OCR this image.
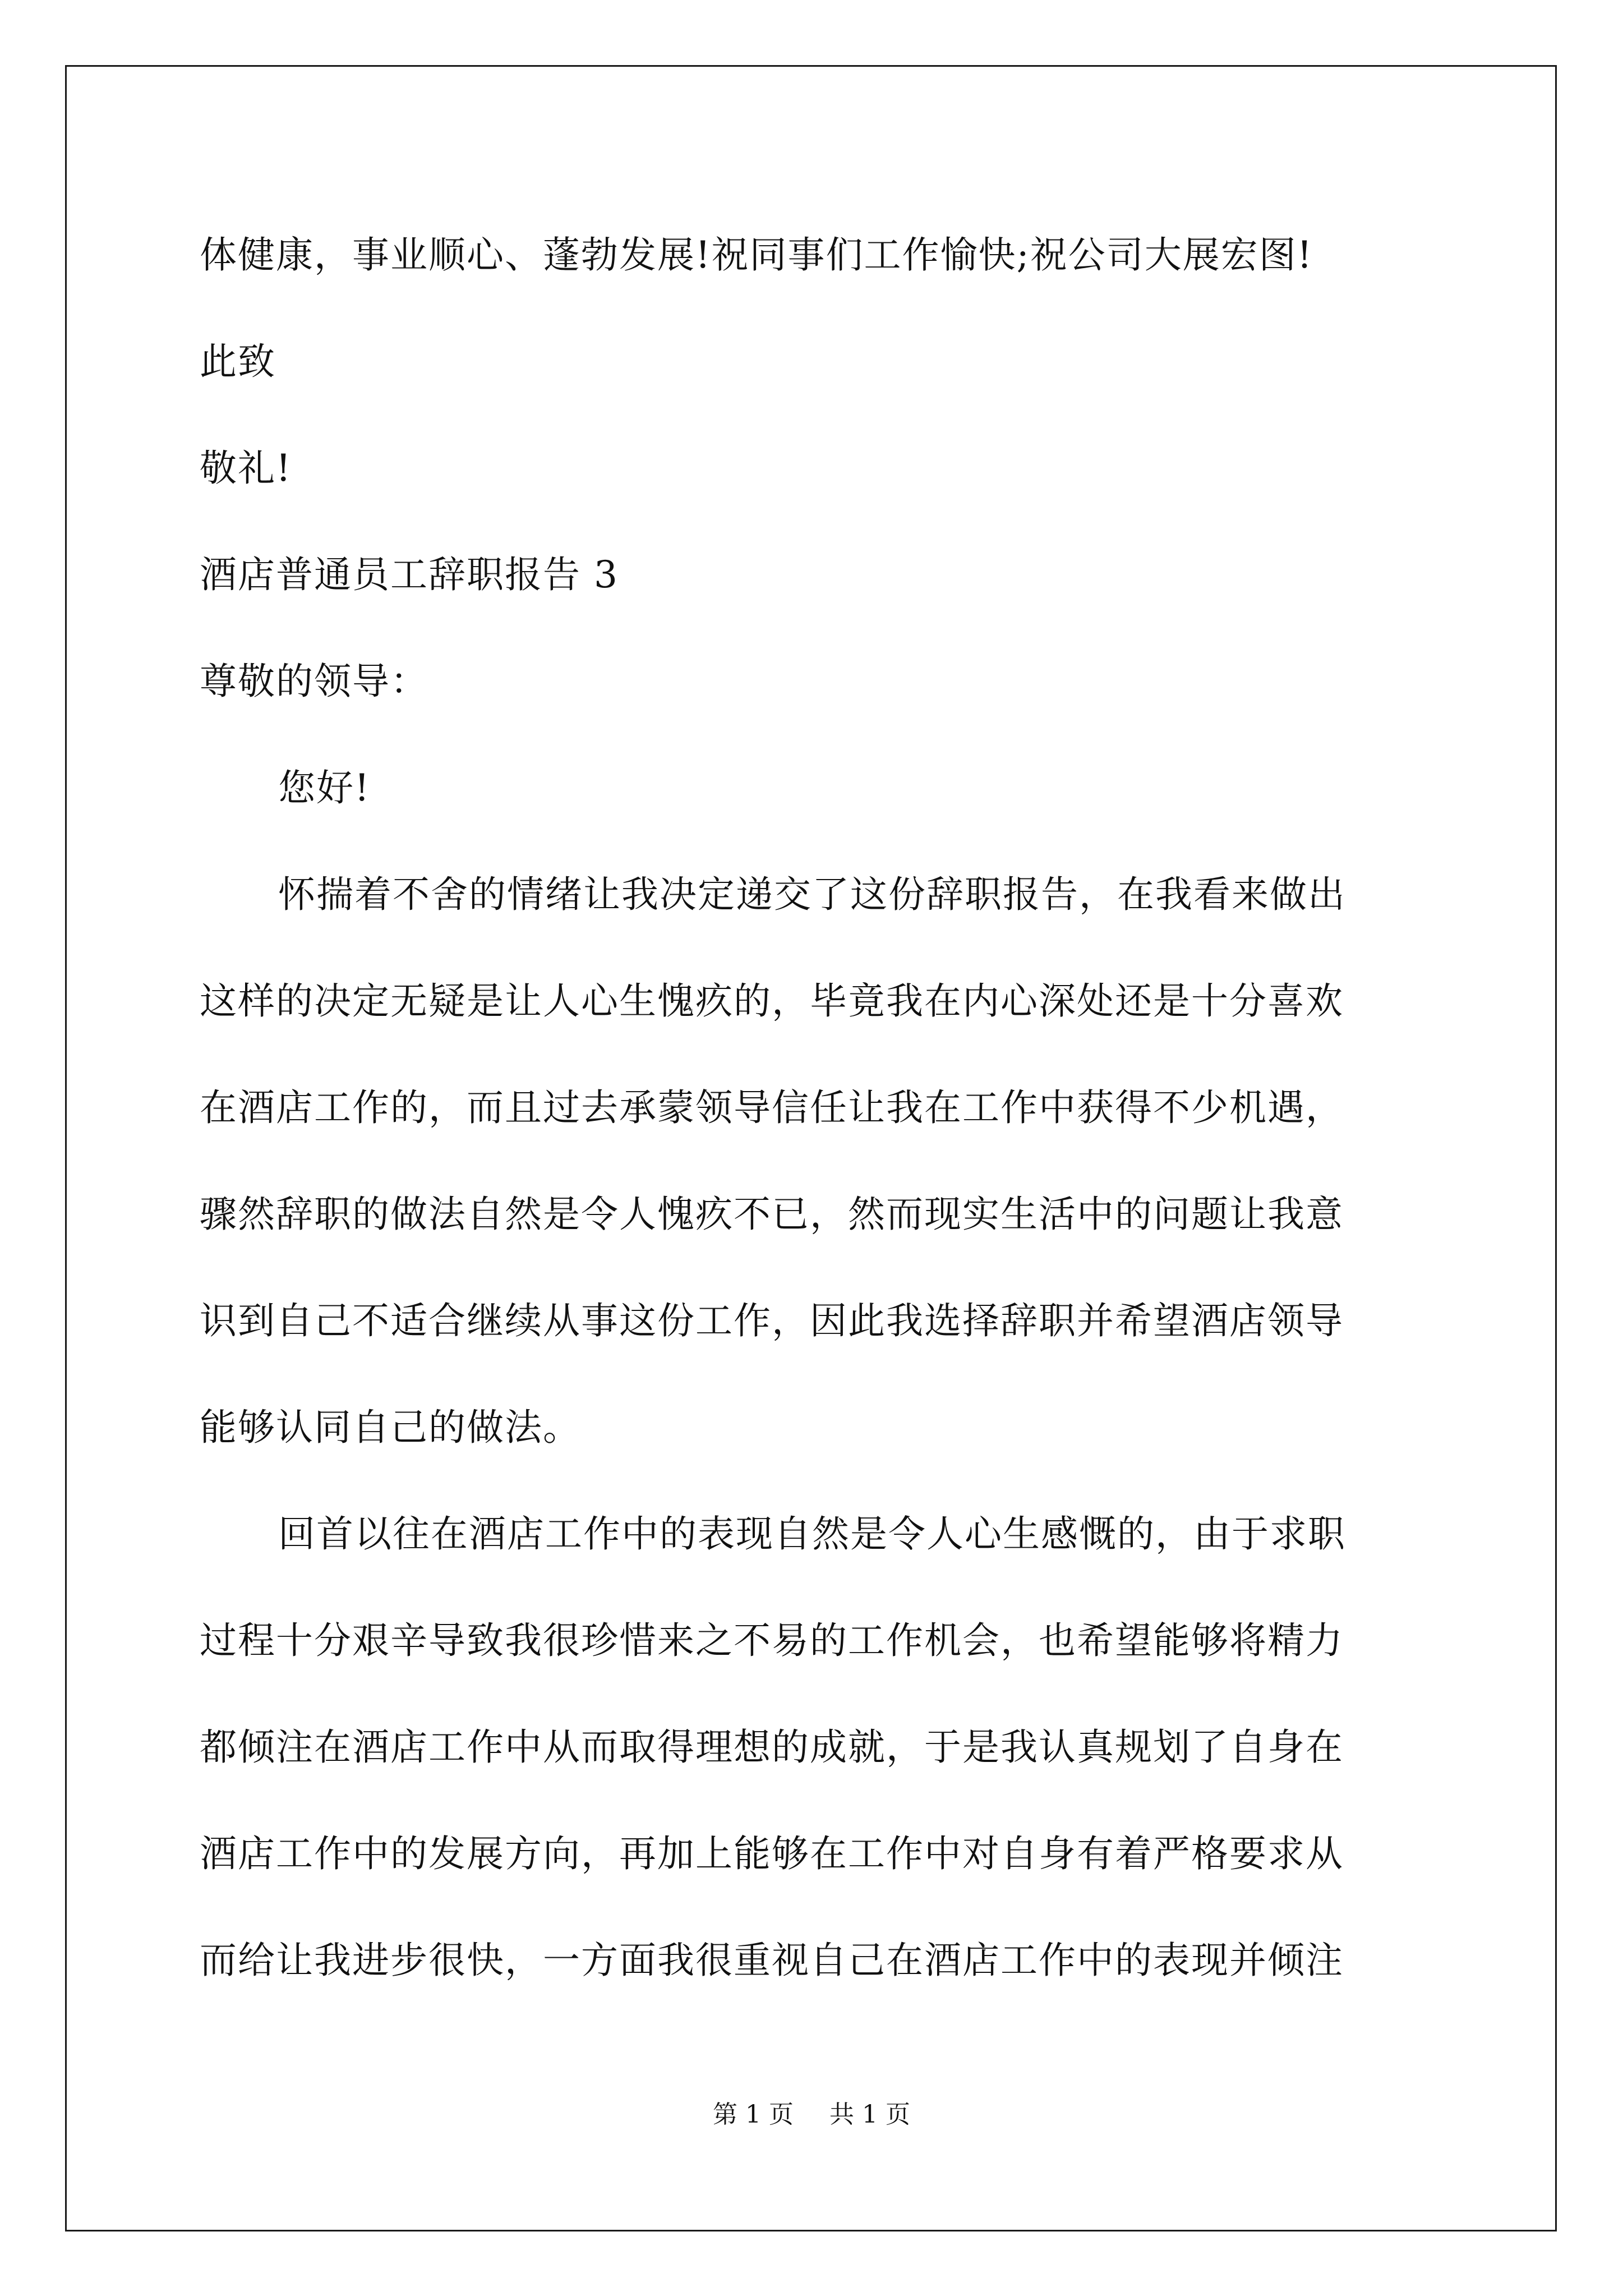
体健康，事业顺心、蓬勃发展!祝同事们工作愉快;祝公司大展宏图!

此致

敬礼!

酒店普通员工辞职报告 3

尊敬的领导：

您好!

怀揣着不舍的情绪让我决定递交了这份辞职报告，在我看来做出

这样的决定无疑是让人心生愧疚的，毕竟我在内心深处还是十分喜欢

在酒店工作的，而且过去承蒙领导信任让我在工作中获得不少机遇，

骤然辞职的做法自然是令人愧疚不已，然而现实生活中的问题让我意

识到自己不适合继续从事这份工作，因此我选择辞职并希望酒店领导

能够认同自己的做法。

回首以往在酒店工作中的表现自然是令人心生感慨的，由于求职

过程十分艰辛导致我很珍惜来之不易的工作机会，也希望能够将精力

都倾注在酒店工作中从而取得理想的成就，于是我认真规划了自身在

酒店工作中的发展方向，再加上能够在工作中对自身有着严格要求从

而给让我进步很快，一方面我很重视自己在酒店工作中的表现并倾注

第 1 页 共 1 页
